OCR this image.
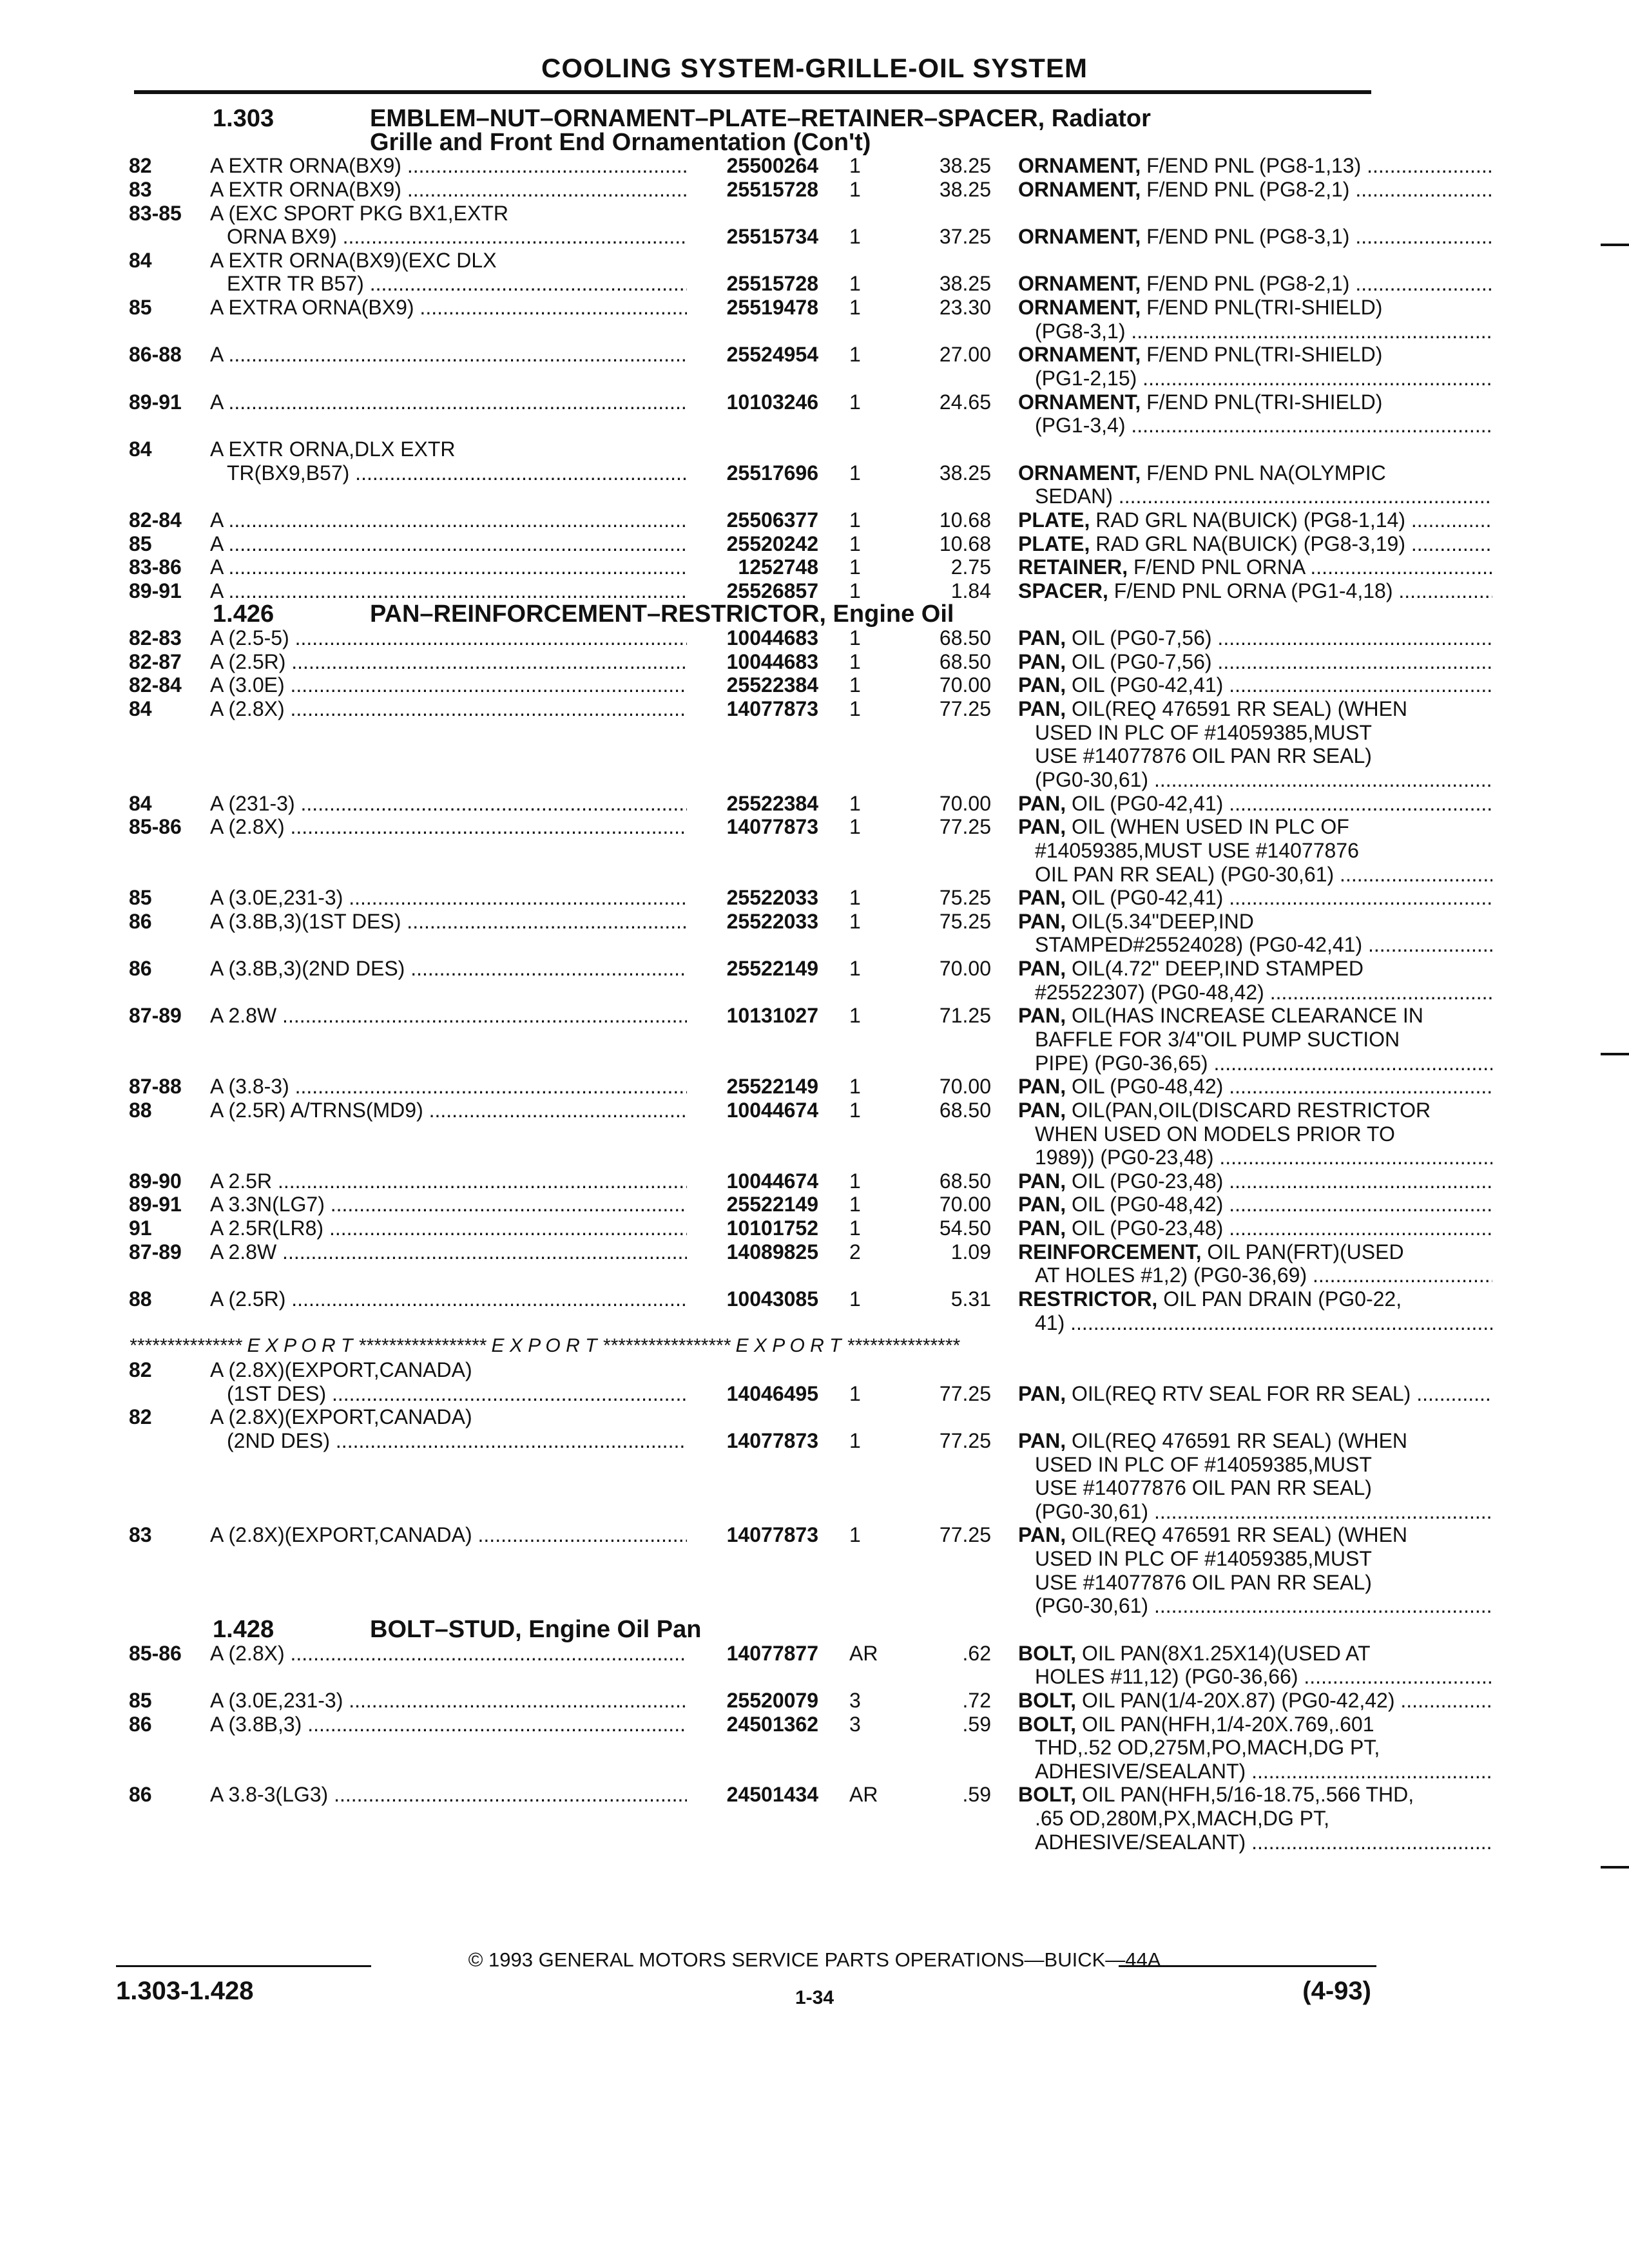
COOLING SYSTEM-GRILLE-OIL SYSTEM
1.303	EMBLEM–NUT–ORNAMENT–PLATE–RETAINER–SPACER, Radiator
Grille and Front End Ornamentation (Con't)
82	A EXTR ORNA(BX9) .....	25500264 1	38.25 ORNAMENT, F/END PNL (PG8-1,13) .....
83	A EXTR ORNA(BX9) .....	25515728 1	38.25 ORNAMENT, F/END PNL (PG8-2,1) .....
83-85 A (EXC SPORT PKG BX1,EXTR
ORNA BX9) .....	25515734 1	37.25 ORNAMENT, F/END PNL (PG8-3,1) .....
84	A EXTR ORNA(BX9)(EXC DLX
EXTR TR B57) .....	25515728 1	38.25 ORNAMENT, F/END PNL (PG8-2,1) .....
85	A EXTRA ORNA(BX9) .....	25519478 1	23.30 ORNAMENT, F/END PNL(TRI-SHIELD)
(PG8-3,1) .....
86-88 A .....	25524954 1	27.00 ORNAMENT, F/END PNL(TRI-SHIELD)
(PG1-2,15) .....
89-91 A .....	10103246 1	24.65 ORNAMENT, F/END PNL(TRI-SHIELD)
(PG1-3,4) .....
84	A EXTR ORNA,DLX EXTR
TR(BX9,B57) .....	25517696 1	38.25 ORNAMENT, F/END PNL NA(OLYMPIC
SEDAN) .....
82-84 A .....	25506377 1	10.68 PLATE, RAD GRL NA(BUICK) (PG8-1,14) .....
85	A .....	25520242 1	10.68 PLATE, RAD GRL NA(BUICK) (PG8-3,19) .....
83-86 A .....	1252748 1	2.75 RETAINER, F/END PNL ORNA .....
89-91 A .....	25526857 1	1.84 SPACER, F/END PNL ORNA (PG1-4,18) .....
1.426	PAN–REINFORCEMENT–RESTRICTOR, Engine Oil
82-83 A (2.5-5) .....	10044683 1	68.50 PAN, OIL (PG0-7,56) .....
82-87 A (2.5R) .....	10044683 1	68.50 PAN, OIL (PG0-7,56) .....
82-84 A (3.0E) .....	25522384 1	70.00 PAN, OIL (PG0-42,41) .....
84	A (2.8X) .....	14077873 1	77.25 PAN, OIL(REQ 476591 RR SEAL) (WHEN
USED IN PLC OF #14059385,MUST
USE #14077876 OIL PAN RR SEAL)
(PG0-30,61) .....
84	A (231-3) .....	25522384 1	70.00 PAN, OIL (PG0-42,41) .....
85-86 A (2.8X) .....	14077873 1	77.25 PAN, OIL (WHEN USED IN PLC OF
#14059385,MUST USE #14077876
OIL PAN RR SEAL) (PG0-30,61) .....
85	A (3.0E,231-3) .....	25522033 1	75.25 PAN, OIL (PG0-42,41) .....
86	A (3.8B,3)(1ST DES) .....	25522033 1	75.25 PAN, OIL(5.34"DEEP,IND
STAMPED#25524028) (PG0-42,41) .....
86	A (3.8B,3)(2ND DES) .....	25522149 1	70.00 PAN, OIL(4.72" DEEP,IND STAMPED
#25522307) (PG0-48,42) .....
87-89 A 2.8W .....	10131027 1	71.25 PAN, OIL(HAS INCREASE CLEARANCE IN
BAFFLE FOR 3/4"OIL PUMP SUCTION
PIPE) (PG0-36,65) .....
87-88 A (3.8-3) .....	25522149 1	70.00 PAN, OIL (PG0-48,42) .....
88	A (2.5R) A/TRNS(MD9) .....	10044674 1	68.50 PAN, OIL(PAN,OIL(DISCARD RESTRICTOR
WHEN USED ON MODELS PRIOR TO
1989)) (PG0-23,48) .....
89-90 A 2.5R .....	10044674 1	68.50 PAN, OIL (PG0-23,48) .....
89-91 A 3.3N(LG7) .....	25522149 1	70.00 PAN, OIL (PG0-48,42) .....
91	A 2.5R(LR8) .....	10101752 1	54.50 PAN, OIL (PG0-23,48) .....
87-89 A 2.8W .....	14089825 2	1.09 REINFORCEMENT, OIL PAN(FRT)(USED
AT HOLES #1,2) (PG0-36,69) .....
88	A (2.5R) .....	10043085 1	5.31 RESTRICTOR, OIL PAN DRAIN (PG0-22,
41) .....
*************** E X P O R T ***************** E X P O R T ***************** E X P O R T ***************
82	A (2.8X)(EXPORT,CANADA)
(1ST DES) .....	14046495 1	77.25 PAN, OIL(REQ RTV SEAL FOR RR SEAL) .....
82	A (2.8X)(EXPORT,CANADA)
(2ND DES) .....	14077873 1	77.25 PAN, OIL(REQ 476591 RR SEAL) (WHEN
USED IN PLC OF #14059385,MUST
USE #14077876 OIL PAN RR SEAL)
(PG0-30,61) .....
83	A (2.8X)(EXPORT,CANADA) .....	14077873 1	77.25 PAN, OIL(REQ 476591 RR SEAL) (WHEN
USED IN PLC OF #14059385,MUST
USE #14077876 OIL PAN RR SEAL)
(PG0-30,61) .....
1.428	BOLT–STUD, Engine Oil Pan
85-86 A (2.8X) .....	14077877 AR	.62 BOLT, OIL PAN(8X1.25X14)(USED AT
HOLES #11,12) (PG0-36,66) .....
85	A (3.0E,231-3) .....	25520079 3	.72 BOLT, OIL PAN(1/4-20X.87) (PG0-42,42) .....
86	A (3.8B,3) .....	24501362 3	.59 BOLT, OIL PAN(HFH,1/4-20X.769,.601
THD,.52 OD,275M,PO,MACH,DG PT,
ADHESIVE/SEALANT) .....
86	A 3.8-3(LG3) .....	24501434 AR	.59 BOLT, OIL PAN(HFH,5/16-18.75,.566 THD,
.65 OD,280M,PX,MACH,DG PT,
ADHESIVE/SEALANT) .....
© 1993 GENERAL MOTORS SERVICE PARTS OPERATIONS—BUICK—44A
1.303-1.428	1-34	(4-93)
